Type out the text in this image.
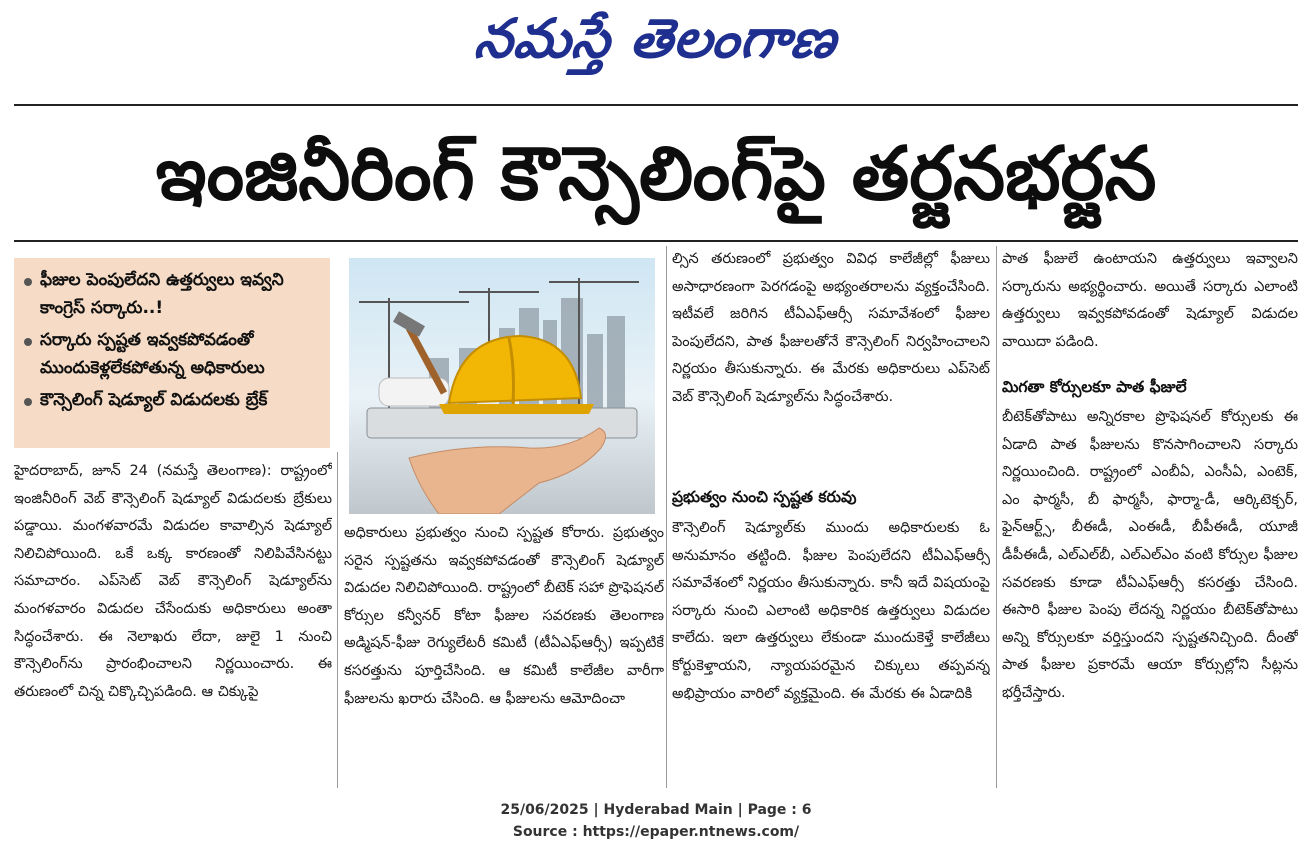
నమస్తే తెలంగాణ
ఇంజినీరింగ్ కౌన్సెలింగ్‌పై తర్జనభర్జన
ఫీజుల పెంపులేదని ఉత్తర్వులు ఇవ్వని కాంగ్రెస్ సర్కారు..!
సర్కారు స్పష్టత ఇవ్వకపోవడంతో ముందుకెళ్లలేకపోతున్న అధికారులు
కౌన్సెలింగ్ షెడ్యూల్ విడుదలకు బ్రేక్

హైదరాబాద్, జూన్ 24 (నమస్తే తెలంగాణ): రాష్ట్రంలో ఇంజినీరింగ్ వెబ్ కౌన్సెలింగ్ షెడ్యూల్ విడుదలకు బ్రేకులు పడ్డాయి. మంగళవారమే విడుదల కావాల్సిన షెడ్యూల్ నిలిచిపోయింది. ఒకే ఒక్క కారణంతో నిలిపివేసినట్టు సమాచారం. ఎప్‌సెట్ వెబ్ కౌన్సెలింగ్ షెడ్యూల్‌ను మంగళవారం విడుదల చేసేందుకు అధికారులు అంతా సిద్ధంచేశారు. ఈ నెలాఖరు లేదా, జులై 1 నుంచి కౌన్సెలింగ్‌ను ప్రారంభించాలని నిర్ణయించారు. ఈ తరుణంలో చిన్న చిక్కొచ్చిపడింది. ఆ చిక్కుపై

అధికారులు ప్రభుత్వం నుంచి స్పష్టత కోరారు. ప్రభుత్వం సరైన స్పష్టతను ఇవ్వకపోవడంతో కౌన్సెలింగ్ షెడ్యూల్ విడుదల నిలిచిపోయింది. రాష్ట్రంలో బీటెక్ సహా ప్రొఫెషనల్ కోర్సుల కన్వీనర్ కోటా ఫీజుల సవరణకు తెలంగాణ అడ్మిషన్-ఫీజు రెగ్యులేటరీ కమిటీ (టీఏఎఫ్ఆర్సీ) ఇప్పటికే కసరత్తును పూర్తిచేసింది. ఆ కమిటీ కాలేజీల వారీగా ఫీజులను ఖరారు చేసింది. ఆ ఫీజులను ఆమోదించా

ల్సిన తరుణంలో ప్రభుత్వం వివిధ కాలేజీల్లో ఫీజులు అసాధారణంగా పెరగడంపై అభ్యంతరాలను వ్యక్తంచేసింది. ఇటీవలే జరిగిన టీఏఎఫ్ఆర్సీ సమావేశంలో ఫీజుల పెంపులేదని, పాత ఫీజులతోనే కౌన్సెలింగ్ నిర్వహించాలని నిర్ణయం తీసుకున్నారు. ఈ మేరకు అధికారులు ఎప్‌సెట్ వెబ్ కౌన్సెలింగ్ షెడ్యూల్‌ను సిద్ధంచేశారు.

ప్రభుత్వం నుంచి స్పష్టత కరువు

కౌన్సెలింగ్ షెడ్యూల్‌కు ముందు అధికారులకు ఓ అనుమానం తట్టింది. ఫీజుల పెంపులేదని టీఏఎఫ్ఆర్సీ సమావేశంలో నిర్ణయం తీసుకున్నారు. కానీ ఇదే విషయంపై సర్కారు నుంచి ఎలాంటి అధికారిక ఉత్తర్వులు విడుదల కాలేదు. ఇలా ఉత్తర్వులు లేకుండా ముందుకెళ్తే కాలేజీలు కోర్టుకెళ్తాయని, న్యాయపరమైన చిక్కులు తప్పవన్న అభిప్రాయం వారిలో వ్యక్తమైంది. ఈ మేరకు ఈ ఏడాదికి

పాత ఫీజులే ఉంటాయని ఉత్తర్వులు ఇవ్వాలని సర్కారును అభ్యర్థించారు. అయితే సర్కారు ఎలాంటి ఉత్తర్వులు ఇవ్వకపోవడంతో షెడ్యూల్ విడుదల వాయిదా పడింది.

మిగతా కోర్సులకూ పాత ఫీజులే

బీటెక్‌తోపాటు అన్నిరకాల ప్రొఫెషనల్ కోర్సులకు ఈ ఏడాది పాత ఫీజులను కొనసాగించాలని సర్కారు నిర్ణయించింది. రాష్ట్రంలో ఎంబీఏ, ఎంసీఏ, ఎంటెక్, ఎం ఫార్మసీ, బీ ఫార్మసీ, ఫార్మా-డీ, ఆర్కిటెక్చర్, ఫైన్‌ఆర్ట్స్, బీఈడీ, ఎంఈడీ, బీపీఈడీ, యూజీ డీపీఈడీ, ఎల్‌ఎల్‌బీ, ఎల్‌ఎల్‌ఎం వంటి కోర్సుల ఫీజుల సవరణకు కూడా టీఏఎఫ్ఆర్సీ కసరత్తు చేసింది. ఈసారి ఫీజుల పెంపు లేదన్న నిర్ణయం బీటెక్‌తోపాటు అన్ని కోర్సులకూ వర్తిస్తుందని స్పష్టతనిచ్చింది. దీంతో పాత ఫీజుల ప్రకారమే ఆయా కోర్సుల్లోని సీట్లను భర్తీచేస్తారు.

25/06/2025 | Hyderabad Main | Page : 6
Source : https://epaper.ntnews.com/
